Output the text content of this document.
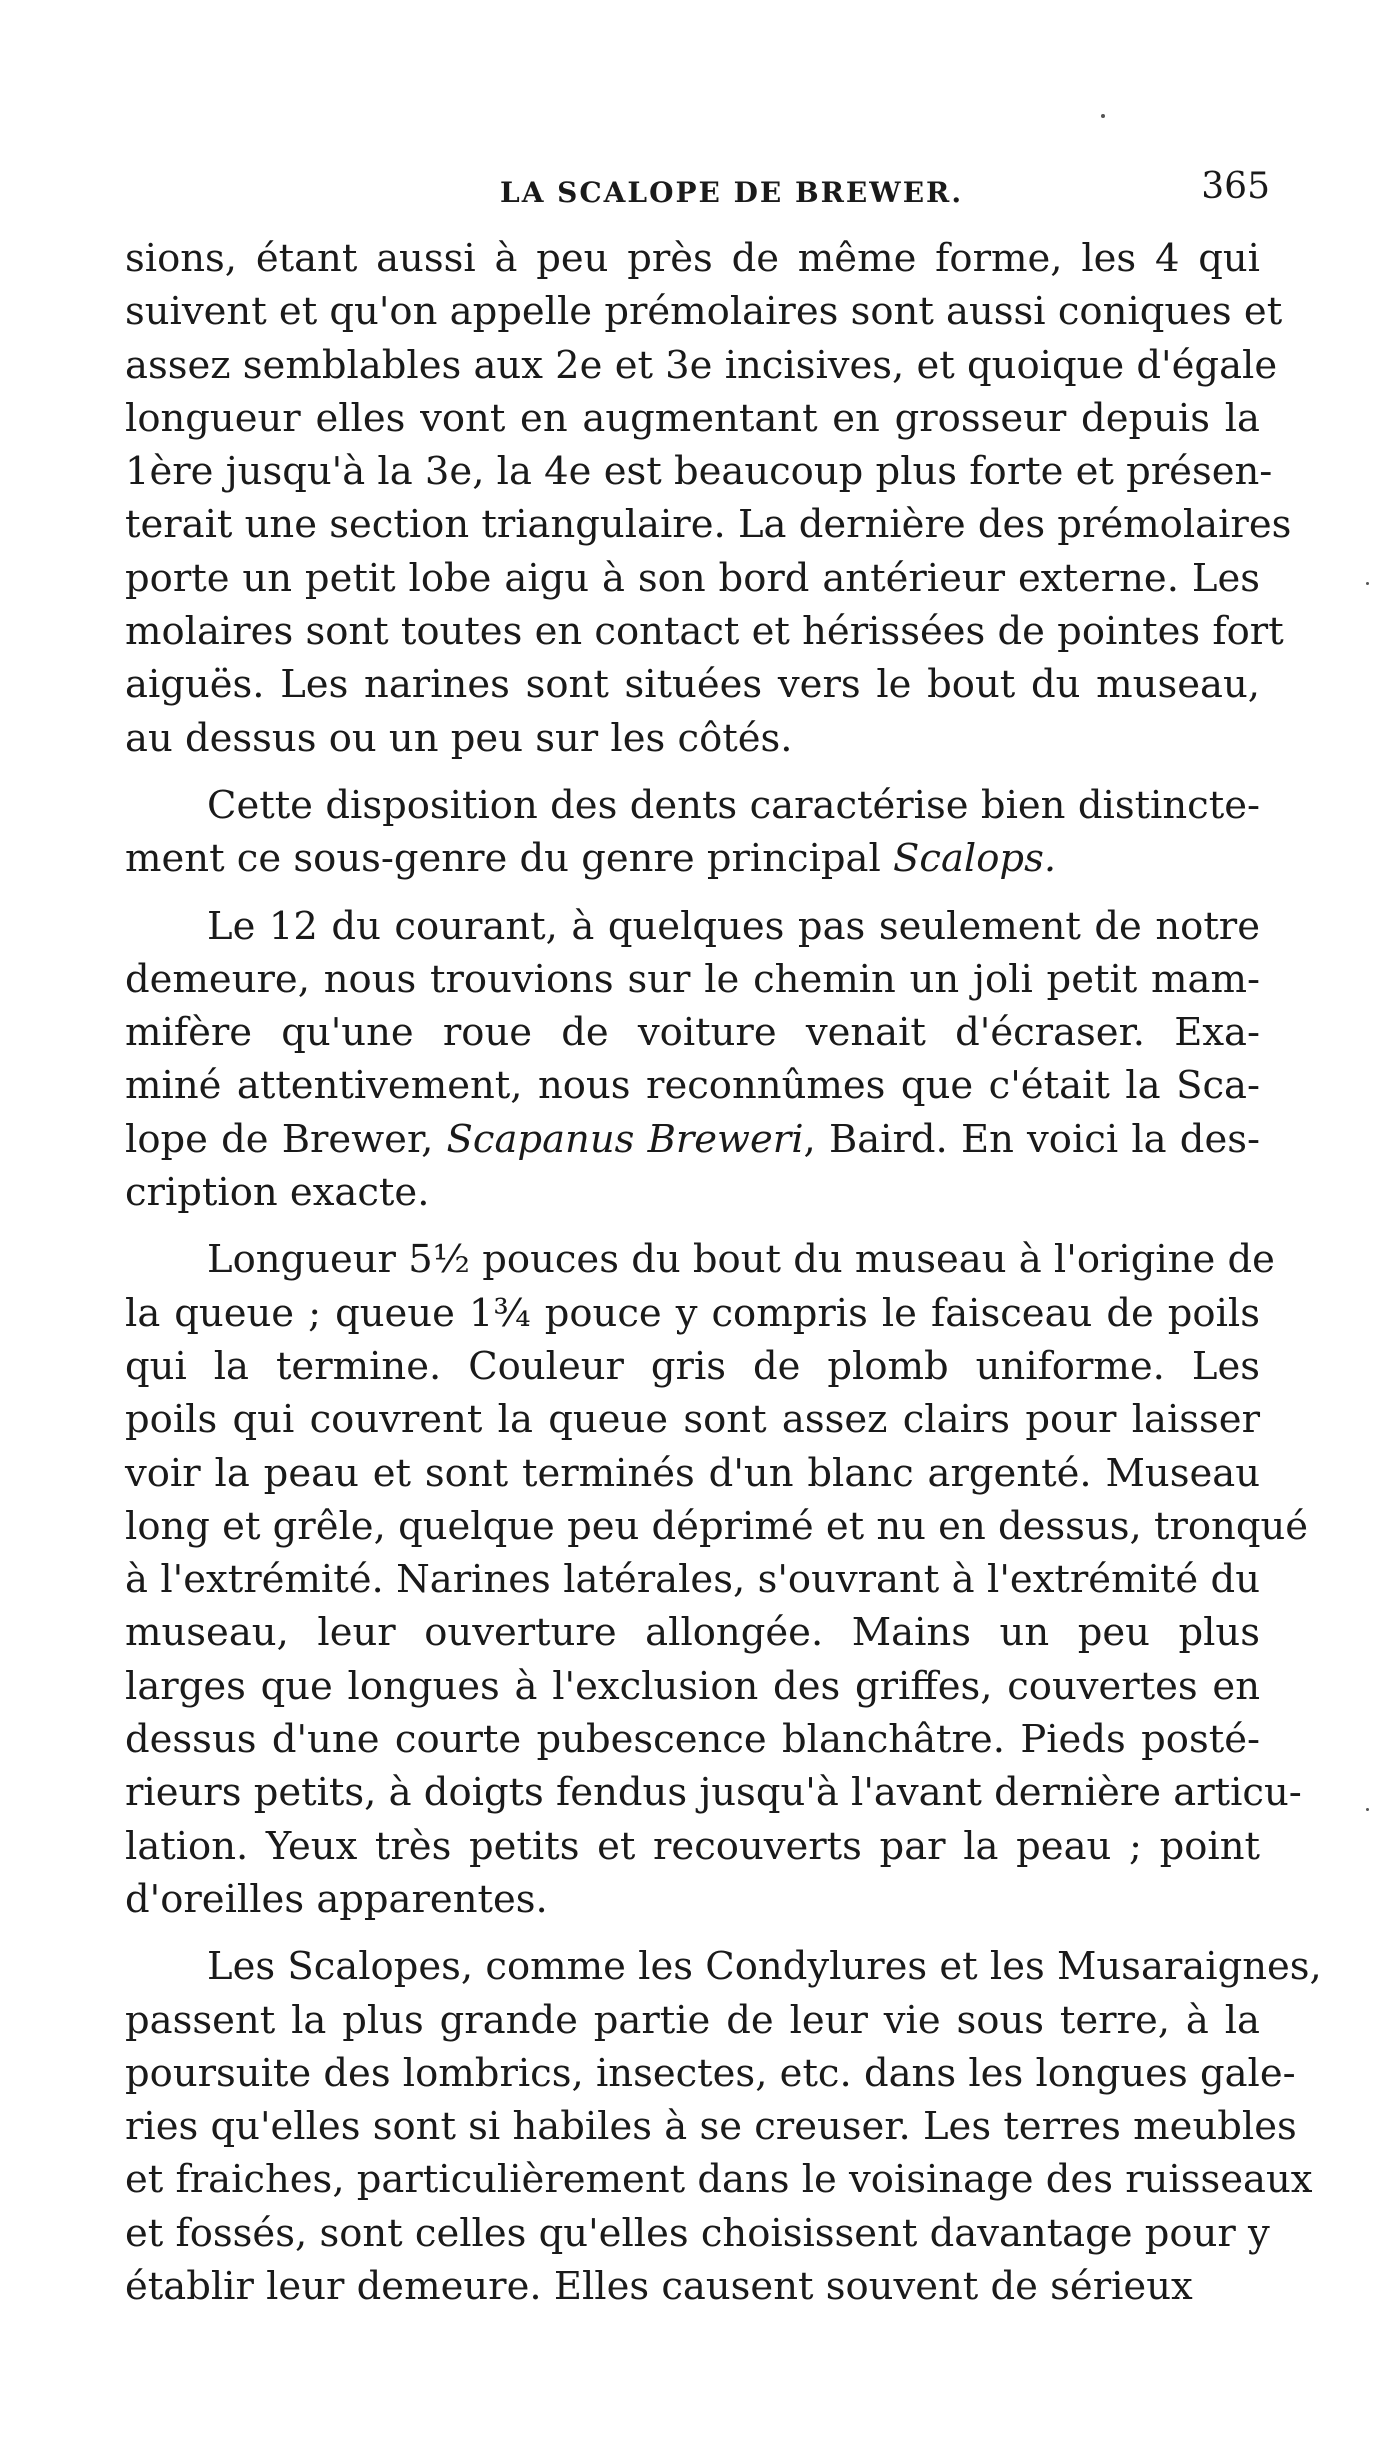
LA SCALOPE DE BREWER.	365
sions, étant aussi à peu près de même forme, les 4 qui
suivent et qu'on appelle prémolaires sont aussi coniques et
assez semblables aux 2e et 3e incisives, et quoique d'égale
longueur elles vont en augmentant en grosseur depuis la
1ère jusqu'à la 3e, la 4e est beaucoup plus forte et présen-
terait une section triangulaire. La dernière des prémolaires
porte un petit lobe aigu à son bord antérieur externe. Les
molaires sont toutes en contact et hérissées de pointes fort
aiguës. Les narines sont situées vers le bout du museau,
au dessus ou un peu sur les côtés.
Cette disposition des dents caractérise bien distincte-
ment ce sous-genre du genre principal Scalops.
Le 12 du courant, à quelques pas seulement de notre
demeure, nous trouvions sur le chemin un joli petit mam-
mifère qu'une roue de voiture venait d'écraser. Exa-
miné attentivement, nous reconnûmes que c'était la Sca-
lope de Brewer, Scapanus Breweri, Baird. En voici la des-
cription exacte.
Longueur 5½ pouces du bout du museau à l'origine de
la queue ; queue 1¾ pouce y compris le faisceau de poils
qui la termine. Couleur gris de plomb uniforme. Les
poils qui couvrent la queue sont assez clairs pour laisser
voir la peau et sont terminés d'un blanc argenté. Museau
long et grêle, quelque peu déprimé et nu en dessus, tronqué
à l'extrémité. Narines latérales, s'ouvrant à l'extrémité du
museau, leur ouverture allongée. Mains un peu plus
larges que longues à l'exclusion des griffes, couvertes en
dessus d'une courte pubescence blanchâtre. Pieds posté-
rieurs petits, à doigts fendus jusqu'à l'avant dernière articu-
lation. Yeux très petits et recouverts par la peau ; point
d'oreilles apparentes.
Les Scalopes, comme les Condylures et les Musaraignes,
passent la plus grande partie de leur vie sous terre, à la
poursuite des lombrics, insectes, etc. dans les longues gale-
ries qu'elles sont si habiles à se creuser. Les terres meubles
et fraiches, particulièrement dans le voisinage des ruisseaux
et fossés, sont celles qu'elles choisissent davantage pour y
établir leur demeure. Elles causent souvent de sérieux
